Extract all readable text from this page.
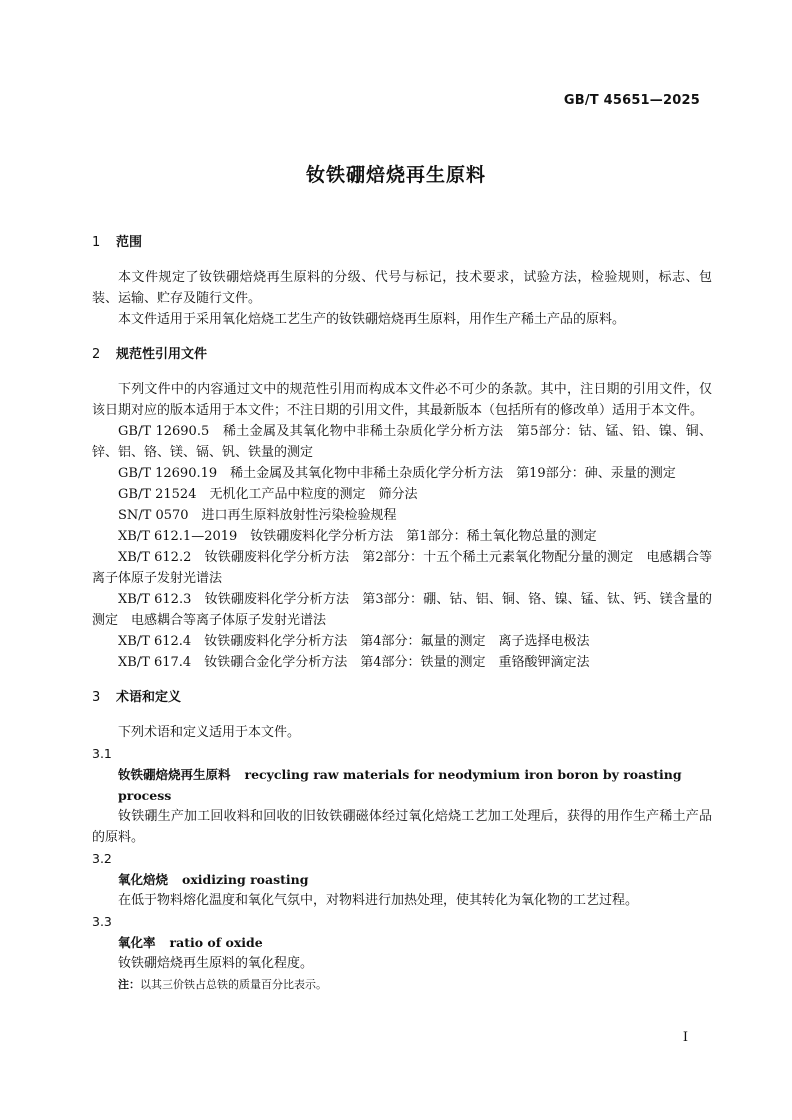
GB/T 45651—2025
钕铁硼焙烧再生原料

1 范围

本文件规定了钕铁硼焙烧再生原料的分级、代号与标记，技术要求，试验方法，检验规则，标志、包装、运输、贮存及随行文件。

本文件适用于采用氧化焙烧工艺生产的钕铁硼焙烧再生原料，用作生产稀土产品的原料。

2 规范性引用文件

下列文件中的内容通过文中的规范性引用而构成本文件必不可少的条款。其中，注日期的引用文件，仅该日期对应的版本适用于本文件；不注日期的引用文件，其最新版本（包括所有的修改单）适用于本文件。

GB/T 12690.5　稀土金属及其氧化物中非稀土杂质化学分析方法　第5部分：钴、锰、铅、镍、铜、锌、铝、铬、镁、镉、钒、铁量的测定

GB/T 12690.19　稀土金属及其氧化物中非稀土杂质化学分析方法　第19部分：砷、汞量的测定

GB/T 21524　无机化工产品中粒度的测定　筛分法

SN/T 0570　进口再生原料放射性污染检验规程

XB/T 612.1—2019　钕铁硼废料化学分析方法　第1部分：稀土氧化物总量的测定

XB/T 612.2　钕铁硼废料化学分析方法　第2部分：十五个稀土元素氧化物配分量的测定　电感耦合等离子体原子发射光谱法

XB/T 612.3　钕铁硼废料化学分析方法　第3部分：硼、钴、铝、铜、铬、镍、锰、钛、钙、镁含量的测定　电感耦合等离子体原子发射光谱法

XB/T 612.4　钕铁硼废料化学分析方法　第4部分：氟量的测定　离子选择电极法

XB/T 617.4　钕铁硼合金化学分析方法　第4部分：铁量的测定　重铬酸钾滴定法

3 术语和定义

下列术语和定义适用于本文件。

3.1

钕铁硼焙烧再生原料 recycling raw materials for neodymium iron boron by roasting process

钕铁硼生产加工回收料和回收的旧钕铁硼磁体经过氧化焙烧工艺加工处理后，获得的用作生产稀土产品的原料。

3.2

氧化焙烧 oxidizing roasting

在低于物料熔化温度和氧化气氛中，对物料进行加热处理，使其转化为氧化物的工艺过程。

3.3

氧化率 ratio of oxide

钕铁硼焙烧再生原料的氧化程度。

注：以其三价铁占总铁的质量百分比表示。

I
